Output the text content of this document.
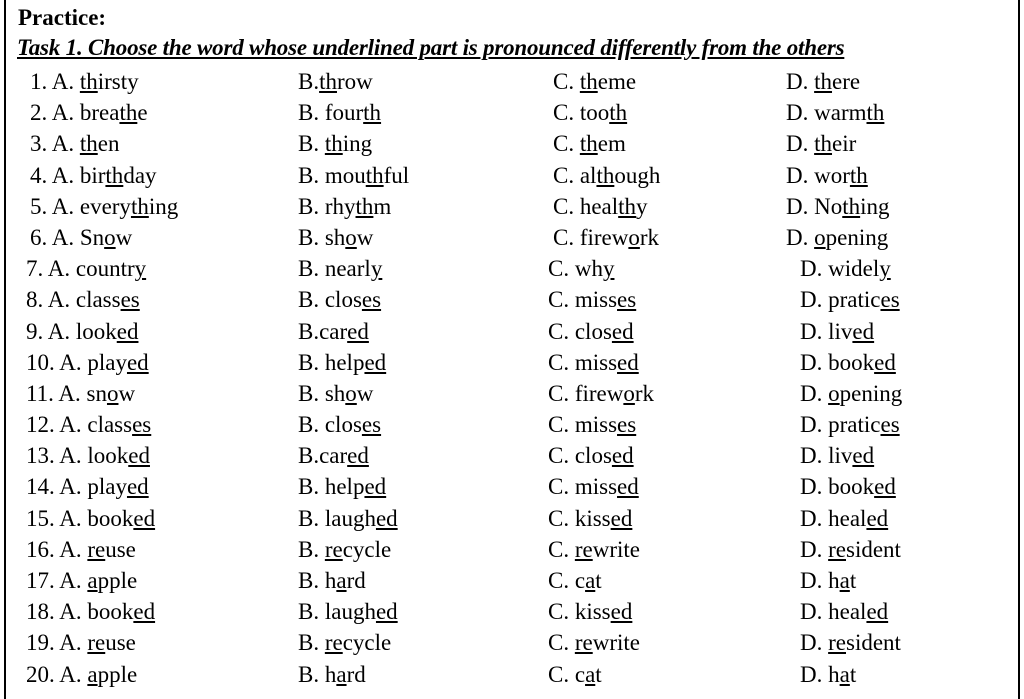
Practice:
Task 1. Choose the word whose underlined part is pronounced differently from the others
1. A. thirsty	B.throw	C. theme	D. there
2. A. breathe	B. fourth	C. tooth	D. warmth
3. A. then	B. thing	C. them	D. their
4. A. birthday	B. mouthful	C. although	D. worth
5. A. everything	B. rhythm	C. healthy	D. Nothing
6. A. Snow	B. show	C. firework	D. opening
7. A. country	B. nearly	C. why	D. widely
8. A. classes	B. closes	C. misses	D. pratices
9. A. looked	B.cared	C. closed	D. lived
10. A. played	B. helped	C. missed	D. booked
11. A. snow	B. show	C. firework	D. opening
12. A. classes	B. closes	C. misses	D. pratices
13. A. looked	B.cared	C. closed	D. lived
14. A. played	B. helped	C. missed	D. booked
15. A. booked	B. laughed	C. kissed	D. healed
16. A. reuse	B. recycle	C. rewrite	D. resident
17. A. apple	B. hard	C. cat	D. hat
18. A. booked	B. laughed	C. kissed	D. healed
19. A. reuse	B. recycle	C. rewrite	D. resident
20. A. apple	B. hard	C. cat	D. hat
